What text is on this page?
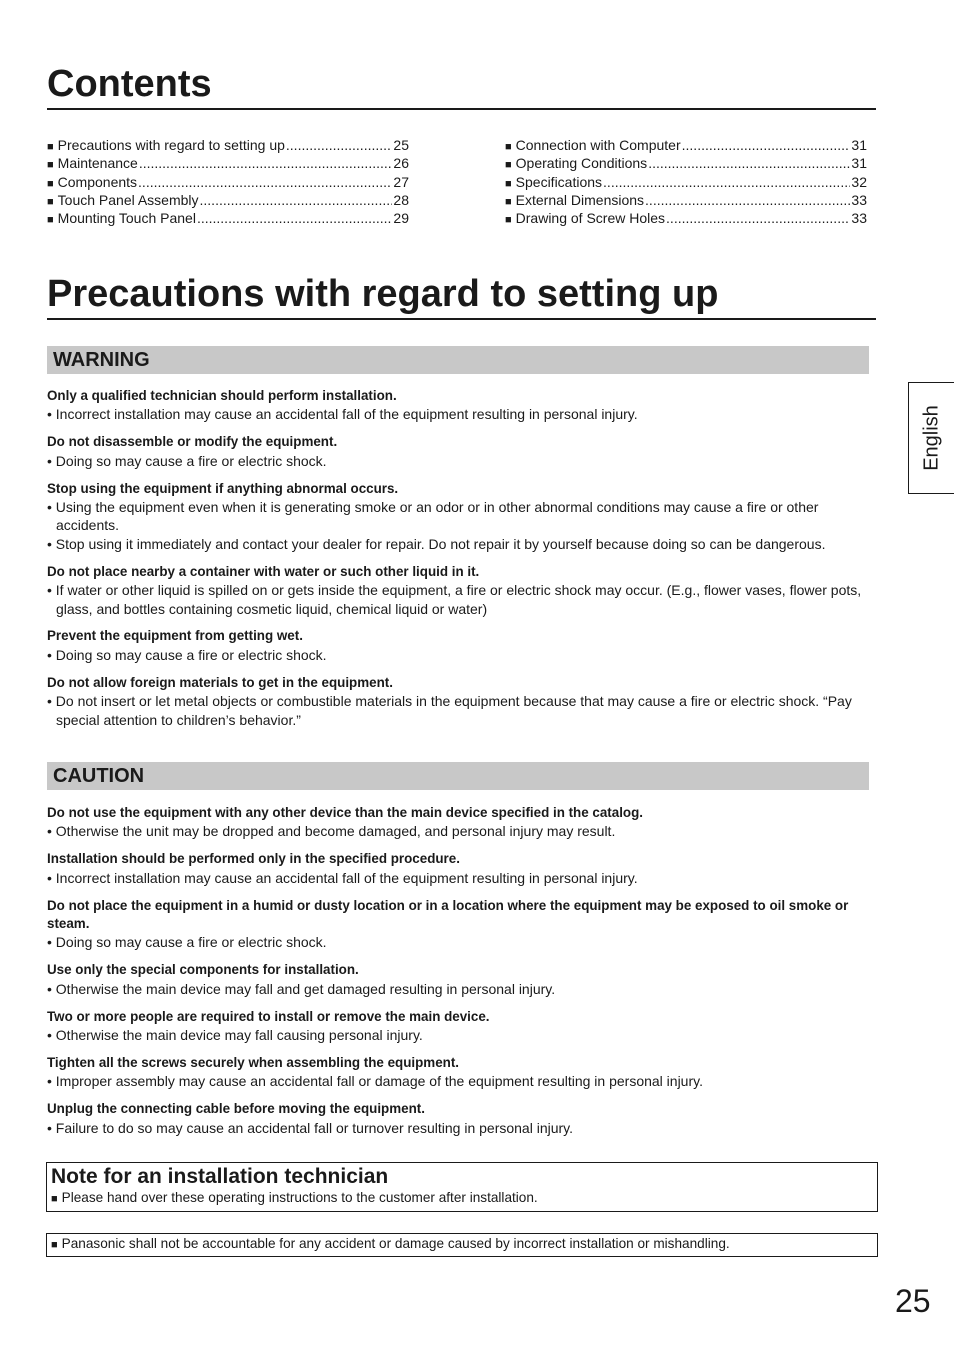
Contents
■ Precautions with regard to setting up .....	25
■ Maintenance .....	26
■ Components .....	27
■ Touch Panel Assembly .....	28
■ Mounting Touch Panel .....	29
■ Connection with Computer .....	31
■ Operating Conditions .....	31
■ Specifications .....	32
■ External Dimensions .....	33
■ Drawing of Screw Holes .....	33
Precautions with regard to setting up
WARNING
Only a qualified technician should perform installation.
• Incorrect installation may cause an accidental fall of the equipment resulting in personal injury.
Do not disassemble or modify the equipment.
• Doing so may cause a fire or electric shock.
Stop using the equipment if anything abnormal occurs.
• Using the equipment even when it is generating smoke or an odor or in other abnormal conditions may cause a fire or other accidents.
• Stop using it immediately and contact your dealer for repair. Do not repair it by yourself because doing so can be dangerous.
Do not place nearby a container with water or such other liquid in it.
• If water or other liquid is spilled on or gets inside the equipment, a fire or electric shock may occur. (E.g., flower vases, flower pots, glass, and bottles containing cosmetic liquid, chemical liquid or water)
Prevent the equipment from getting wet.
• Doing so may cause a fire or electric shock.
Do not allow foreign materials to get in the equipment.
• Do not insert or let metal objects or combustible materials in the equipment because that may cause a fire or electric shock. “Pay special attention to children’s behavior.”
CAUTION
Do not use the equipment with any other device than the main device specified in the catalog.
• Otherwise the unit may be dropped and become damaged, and personal injury may result.
Installation should be performed only in the specified procedure.
• Incorrect installation may cause an accidental fall of the equipment resulting in personal injury.
Do not place the equipment in a humid or dusty location or in a location where the equipment may be exposed to oil smoke or steam.
• Doing so may cause a fire or electric shock.
Use only the special components for installation.
• Otherwise the main device may fall and get damaged resulting in personal injury.
Two or more people are required to install or remove the main device.
• Otherwise the main device may fall causing personal injury.
Tighten all the screws securely when assembling the equipment.
• Improper assembly may cause an accidental fall or damage of the equipment resulting in personal injury.
Unplug the connecting cable before moving the equipment.
• Failure to do so may cause an accidental fall or turnover resulting in personal injury.
Note for an installation technician
■ Please hand over these operating instructions to the customer after installation.
■ Panasonic shall not be accountable for any accident or damage caused by incorrect installation or mishandling.
English
25
